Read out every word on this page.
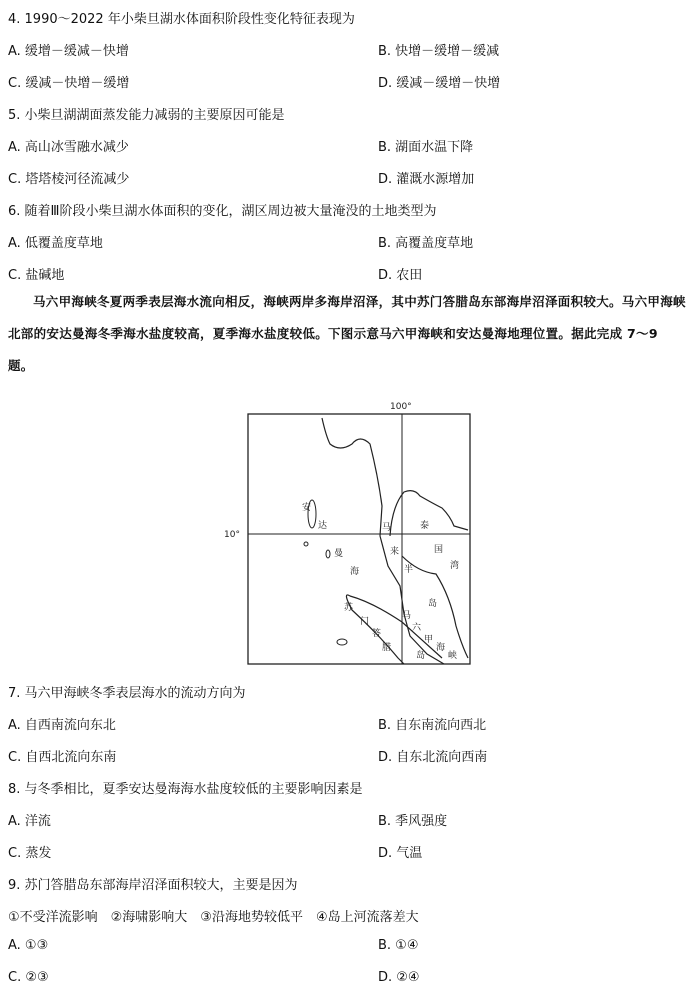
4. 1990～2022 年小柴旦湖水体面积阶段性变化特征表现为
A. 缓增－缓减－快增	B. 快增－缓增－缓减
C. 缓减－快增－缓增	D. 缓减－缓增－快增
5. 小柴旦湖湖面蒸发能力减弱的主要原因可能是
A. 高山冰雪融水减少	B. 湖面水温下降
C. 塔塔棱河径流减少	D. 灌溉水源增加
6. 随着Ⅲ阶段小柴旦湖水体面积的变化，湖区周边被大量淹没的土地类型为
A. 低覆盖度草地	B. 高覆盖度草地
C. 盐碱地	D. 农田
马六甲海峡冬夏两季表层海水流向相反，海峡两岸多海岸沼泽，其中苏门答腊岛东部海岸沼泽面积较大。马六甲海峡北部的安达曼海冬季海水盐度较高，夏季海水盐度较低。下图示意马六甲海峡和安达曼海地理位置。据此完成 7～9 题。
100°
10°
安
达
曼
海
马
来
半
岛
泰
国
湾
苏
门
答
腊
岛
马
六
甲
海
峡
7. 马六甲海峡冬季表层海水的流动方向为
A. 自西南流向东北	B. 自东南流向西北
C. 自西北流向东南	D. 自东北流向西南
8. 与冬季相比，夏季安达曼海海水盐度较低的主要影响因素是
A. 洋流	B. 季风强度
C. 蒸发	D. 气温
9. 苏门答腊岛东部海岸沼泽面积较大，主要是因为
①不受洋流影响　②海啸影响大　③沿海地势较低平　④岛上河流落差大
A. ①③	B. ①④
C. ②③	D. ②④
